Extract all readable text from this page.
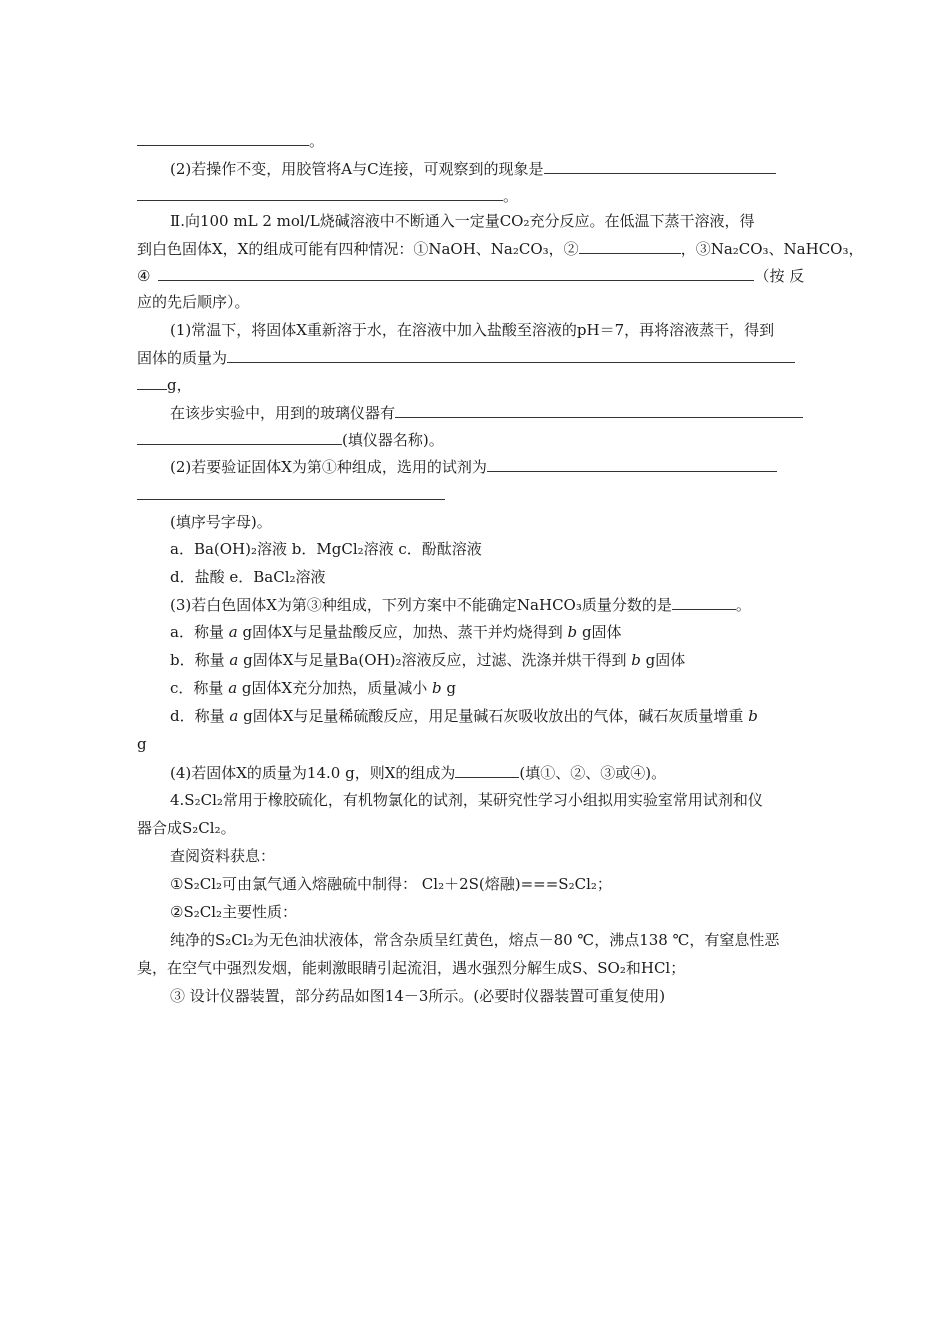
。
(2)若操作不变，用胶管将A与C连接，可观察到的现象是
。
Ⅱ.向100 mL 2 mol/L烧碱溶液中不断通入一定量CO₂充分反应。在低温下蒸干溶液，得
到白色固体X，X的组成可能有四种情况：①NaOH、Na₂CO₃，②	，③Na₂CO₃、NaHCO₃，
④	（按 反
应的先后顺序）。
(1)常温下，将固体X重新溶于水，在溶液中加入盐酸至溶液的pH＝7，再将溶液蒸干，得到
固体的质量为
g，
在该步实验中，用到的玻璃仪器有
(填仪器名称)。
(2)若要验证固体X为第①种组成，选用的试剂为
(填序号字母)。
a．Ba(OH)₂溶液 b．MgCl₂溶液 c．酚酞溶液
d．盐酸 e．BaCl₂溶液
(3)若白色固体X为第③种组成，下列方案中不能确定NaHCO₃质量分数的是	。
a．称量 a g固体X与足量盐酸反应，加热、蒸干并灼烧得到 b g固体
b．称量 a g固体X与足量Ba(OH)₂溶液反应，过滤、洗涤并烘干得到 b g固体
c．称量 a g固体X充分加热，质量减小 b g
d．称量 a g固体X与足量稀硫酸反应，用足量碱石灰吸收放出的气体，碱石灰质量增重 b
g
(4)若固体X的质量为14.0 g，则X的组成为	(填①、②、③或④)。
4.S₂Cl₂常用于橡胶硫化，有机物氯化的试剂，某研究性学习小组拟用实验室常用试剂和仪
器合成S₂Cl₂。
查阅资料获息：
①S₂Cl₂可由氯气通入熔融硫中制得： Cl₂＋2S(熔融)===S₂Cl₂；
②S₂Cl₂主要性质：
纯净的S₂Cl₂为无色油状液体，常含杂质呈红黄色，熔点－80 ℃，沸点138 ℃，有窒息性恶
臭，在空气中强烈发烟，能刺激眼睛引起流泪，遇水强烈分解生成S、SO₂和HCl；
③ 设计仪器装置，部分药品如图14－3所示。(必要时仪器装置可重复使用)
